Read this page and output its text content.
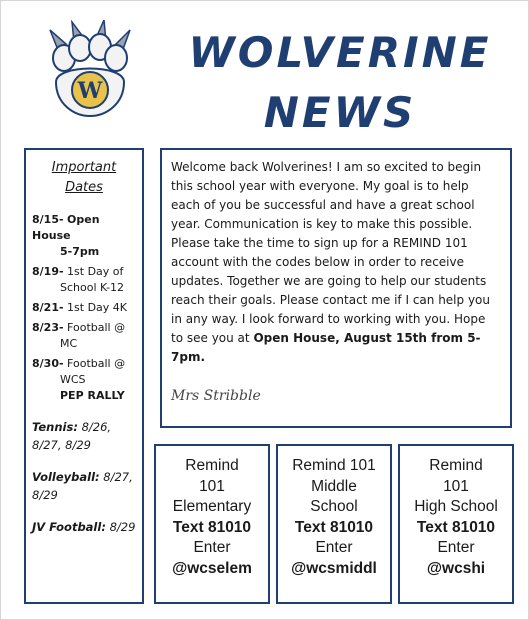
W
WOLVERINE
NEWS
Important
Dates
8/15- Open House
5-7pm
8/19- 1st Day of
School K-12
8/21- 1st Day 4K
8/23- Football @
MC
8/30- Football @
WCS
PEP RALLY
Tennis: 8/26, 8/27, 8/29
Volleyball: 8/27, 8/29
JV Football: 8/29

Welcome back Wolverines! I am so excited to begin this school year with everyone. My goal is to help each of you be successful and have a great school year. Communication is key to make this possible. Please take the time to sign up for a REMIND 101 account with the codes below in order to receive updates. Together we are going to help our students reach their goals. Please contact me if I can help you in any way. I look forward to working with you. Hope to see you at Open House, August 15th from 5-7pm.

Mrs Stribble
Remind
101
Elementary
Text 81010
Enter
@wcselem
Remind 101
Middle
School
Text 81010
Enter
@wcsmiddl
Remind
101
High School
Text 81010
Enter
@wcshi
